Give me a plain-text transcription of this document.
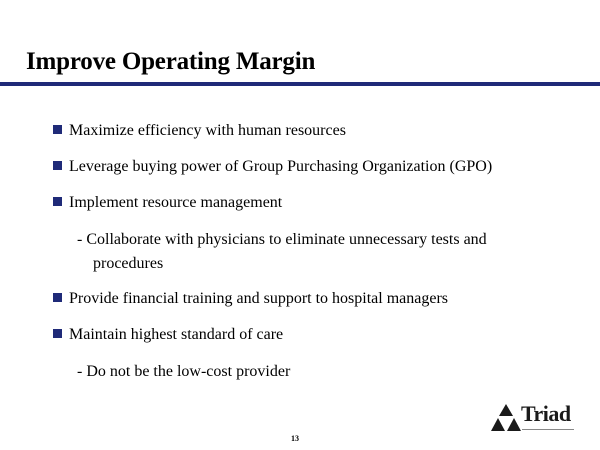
Improve Operating Margin
Maximize efficiency with human resources
Leverage buying power of Group Purchasing Organization (GPO)
Implement resource management
- Collaborate with physicians to eliminate unnecessary tests and
procedures
Provide financial training and support to hospital managers
Maintain highest standard of care
- Do not be the low-cost provider
13
Triad
